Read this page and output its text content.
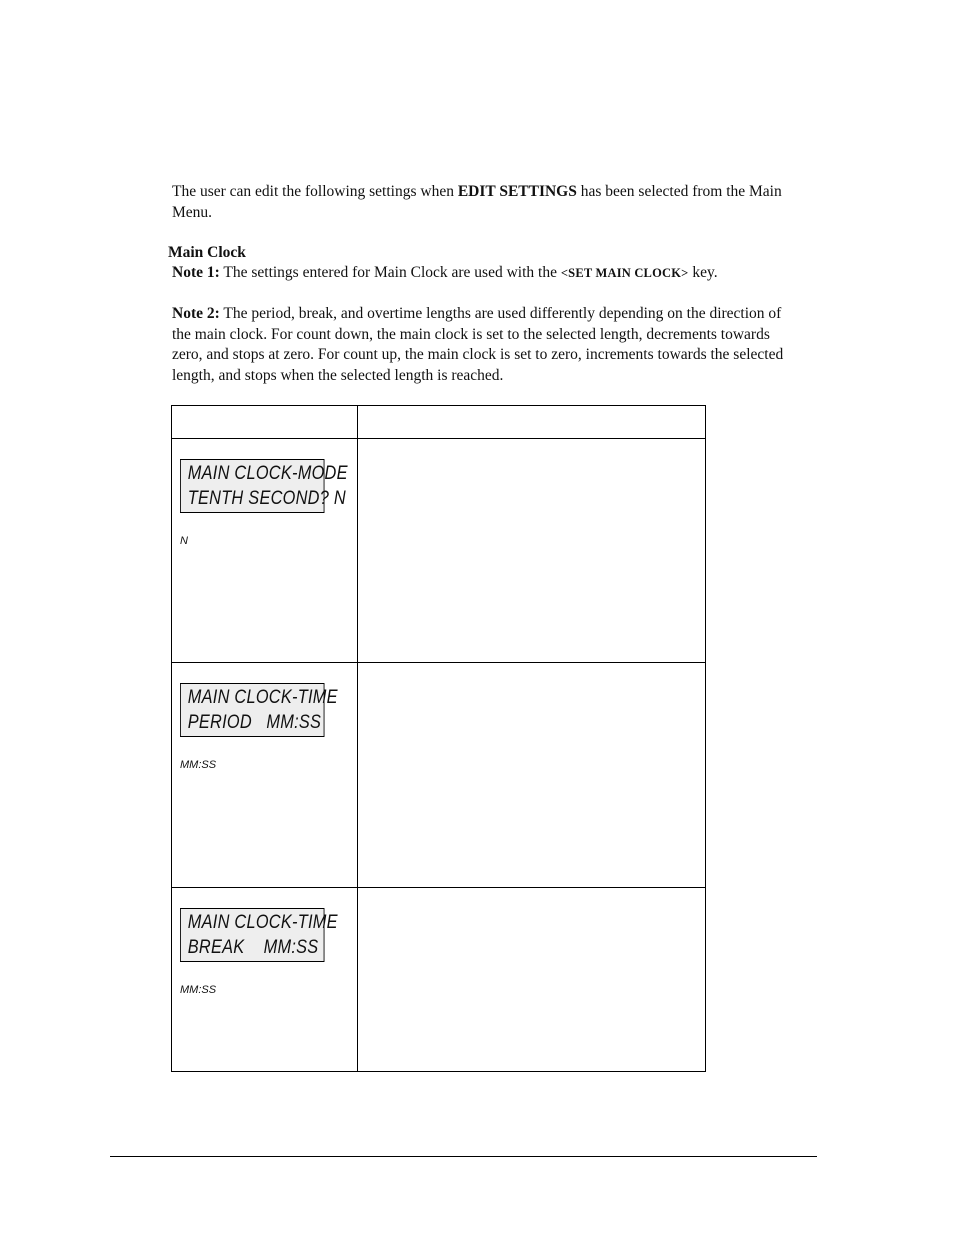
The user can edit the following settings when EDIT SETTINGS has been selected from the Main Menu.

Main Clock

Note 1: The settings entered for Main Clock are used with the <SET MAIN CLOCK> key.

Note 2: The period, break, and overtime lengths are used differently depending on the direction of the main clock. For count down, the main clock is set to the selected length, decrements towards zero, and stops at zero. For count up, the main clock is set to zero, increments towards the selected length, and stops when the selected length is reached.

MAIN CLOCK-MODE
TENTH SECOND? N
N	

MAIN CLOCK-TIME
PERIOD   MM:SS
MM:SS	

MAIN CLOCK-TIME
BREAK    MM:SS
MM:SS	
